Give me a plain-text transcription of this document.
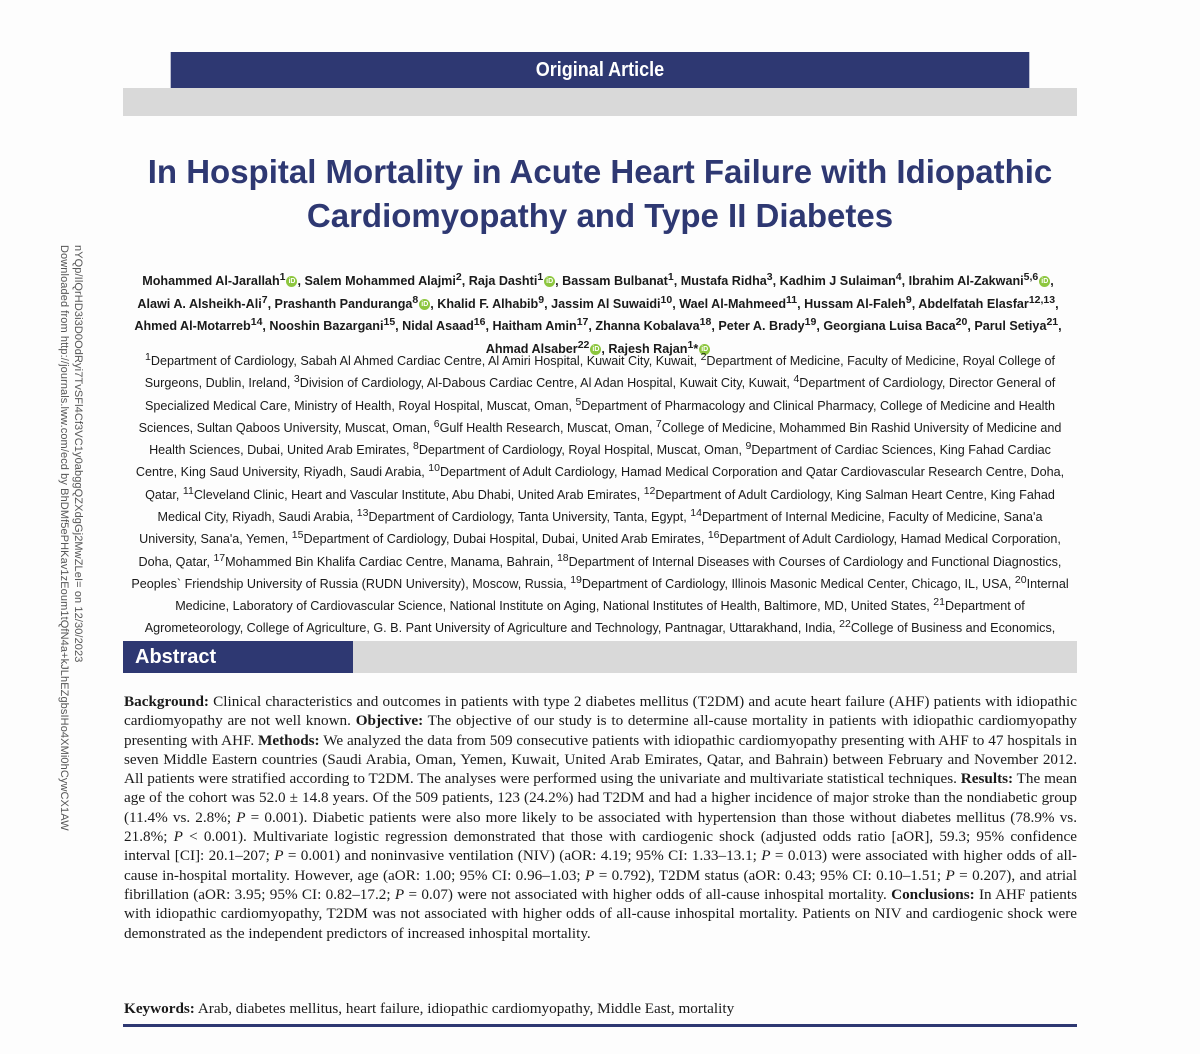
Downloaded from http://journals.lww.com/ecd by BhDMf5ePHKav1zEoum1tQfN4a+kJLhEZgbsIHo4XMi0hCywCX1AW nYQp/IlQrHD3i3D0OdRyi7TvSFl4Cf3VC1y0abggQZXdgGj2MwZLeI= on 12/30/2023
Original Article
In Hospital Mortality in Acute Heart Failure with Idiopathic
Cardiomyopathy and Type II Diabetes
Mohammed Al-Jarallah$^1$ iD , Salem Mohammed Alajmi$^2$, Raja Dashti$^1$ iD , Bassam Bulbanat$^1$, Mustafa Ridha$^3$, Kadhim J Sulaiman$^4$, Ibrahim Al-Zakwani$^{5,6}$ iD ,
Alawi A. Alsheikh-Ali$^7$, Prashanth Panduranga$^8$ iD , Khalid F. Alhabib$^9$, Jassim Al Suwaidi$^{10}$, Wael Al-Mahmeed$^{11}$, Hussam Al-Faleh$^9$, Abdelfatah Elasfar$^{12,13}$,
Ahmed Al-Motarreb$^{14}$, Nooshin Bazargani$^{15}$, Nidal Asaad$^{16}$, Haitham Amin$^{17}$, Zhanna Kobalava$^{18}$, Peter A. Brady$^{19}$, Georgiana Luisa Baca$^{20}$, Parul Setiya$^{21}$,
Ahmad Alsaber$^{22}$ iD , Rajesh Rajan$^1$* iD
$^1$Department of Cardiology, Sabah Al Ahmed Cardiac Centre, Al Amiri Hospital, Kuwait City, Kuwait, $^2$Department of Medicine, Faculty of Medicine, Royal College of Surgeons, Dublin, Ireland, $^3$Division of Cardiology, Al-Dabous Cardiac Centre, Al Adan Hospital, Kuwait City, Kuwait, $^4$Department of Cardiology, Director General of Specialized Medical Care, Ministry of Health, Royal Hospital, Muscat, Oman, $^5$Department of Pharmacology and Clinical Pharmacy, College of Medicine and Health Sciences, Sultan Qaboos University, Muscat, Oman, $^6$Gulf Health Research, Muscat, Oman, $^7$College of Medicine, Mohammed Bin Rashid University of Medicine and Health Sciences, Dubai, United Arab Emirates, $^8$Department of Cardiology, Royal Hospital, Muscat, Oman, $^9$Department of Cardiac Sciences, King Fahad Cardiac Centre, King Saud University, Riyadh, Saudi Arabia, $^{10}$Department of Adult Cardiology, Hamad Medical Corporation and Qatar Cardiovascular Research Centre, Doha, Qatar, $^{11}$Cleveland Clinic, Heart and Vascular Institute, Abu Dhabi, United Arab Emirates, $^{12}$Department of Adult Cardiology, King Salman Heart Centre, King Fahad Medical City, Riyadh, Saudi Arabia, $^{13}$Department of Cardiology, Tanta University, Tanta, Egypt, $^{14}$Department of Internal Medicine, Faculty of Medicine, Sana'a University, Sana'a, Yemen, $^{15}$Department of Cardiology, Dubai Hospital, Dubai, United Arab Emirates, $^{16}$Department of Adult Cardiology, Hamad Medical Corporation, Doha, Qatar, $^{17}$Mohammed Bin Khalifa Cardiac Centre, Manama, Bahrain, $^{18}$Department of Internal Diseases with Courses of Cardiology and Functional Diagnostics, Peoples` Friendship University of Russia (RUDN University), Moscow, Russia, $^{19}$Department of Cardiology, Illinois Masonic Medical Center, Chicago, IL, USA, $^{20}$Internal Medicine, Laboratory of Cardiovascular Science, National Institute on Aging, National Institutes of Health, Baltimore, MD, United States, $^{21}$Department of Agrometeorology, College of Agriculture, G. B. Pant University of Agriculture and Technology, Pantnagar, Uttarakhand, India, $^{22}$College of Business and Economics,
Abstract
Background: Clinical characteristics and outcomes in patients with type 2 diabetes mellitus (T2DM) and acute heart failure (AHF) patients with idiopathic cardiomyopathy are not well known. Objective: The objective of our study is to determine all-cause mortality in patients with idiopathic cardiomyopathy presenting with AHF. Methods: We analyzed the data from 509 consecutive patients with idiopathic cardiomyopathy presenting with AHF to 47 hospitals in seven Middle Eastern countries (Saudi Arabia, Oman, Yemen, Kuwait, United Arab Emirates, Qatar, and Bahrain) between February and November 2012. All patients were stratified according to T2DM. The analyses were performed using the univariate and multivariate statistical techniques. Results: The mean age of the cohort was 52.0 ± 14.8 years. Of the 509 patients, 123 (24.2%) had T2DM and had a higher incidence of major stroke than the nondiabetic group (11.4% vs. 2.8%; P = 0.001). Diabetic patients were also more likely to be associated with hypertension than those without diabetes mellitus (78.9% vs. 21.8%; P < 0.001). Multivariate logistic regression demonstrated that those with cardiogenic shock (adjusted odds ratio [aOR], 59.3; 95% confidence interval [CI]: 20.1–207; P = 0.001) and noninvasive ventilation (NIV) (aOR: 4.19; 95% CI: 1.33–13.1; P = 0.013) were associated with higher odds of all-cause in-hospital mortality. However, age (aOR: 1.00; 95% CI: 0.96–1.03; P = 0.792), T2DM status (aOR: 0.43; 95% CI: 0.10–1.51; P = 0.207), and atrial fibrillation (aOR: 3.95; 95% CI: 0.82–17.2; P = 0.07) were not associated with higher odds of all-cause inhospital mortality. Conclusions: In AHF patients with idiopathic cardiomyopathy, T2DM was not associated with higher odds of all-cause inhospital mortality. Patients on NIV and cardiogenic shock were demonstrated as the independent predictors of increased inhospital mortality.
Keywords: Arab, diabetes mellitus, heart failure, idiopathic cardiomyopathy, Middle East, mortality
